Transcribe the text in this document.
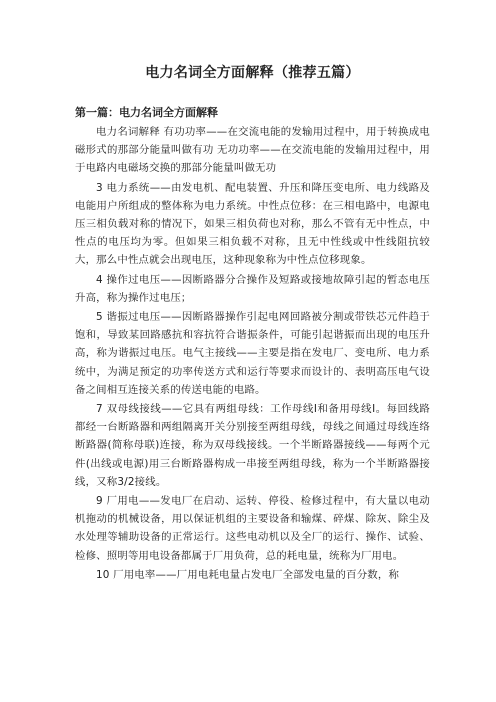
电力名词全方面解释（推荐五篇）
第一篇：电力名词全方面解释
电力名词解释 有功功率——在交流电能的发输用过程中，用于转换成电磁形式的那部分能量叫做有功 无功功率——在交流电能的发输用过程中，用于电路内电磁场交换的那部分能量叫做无功
3 电力系统——由发电机、配电装置、升压和降压变电所、电力线路及电能用户所组成的整体称为电力系统。中性点位移：在三相电路中，电源电压三相负载对称的情况下，如果三相负荷也对称，那么不管有无中性点，中性点的电压均为零。但如果三相负载不对称，且无中性线或中性线阻抗较大，那么中性点就会出现电压，这种现象称为中性点位移现象。
4 操作过电压——因断路器分合操作及短路或接地故障引起的暂态电压升高，称为操作过电压；
5 谐振过电压——因断路器操作引起电网回路被分割或带铁芯元件趋于饱和，导致某回路感抗和容抗符合谐振条件，可能引起谐振而出现的电压升高，称为谐振过电压。电气主接线——主要是指在发电厂、变电所、电力系统中，为满足预定的功率传送方式和运行等要求而设计的、表明高压电气设备之间相互连接关系的传送电能的电路。
7 双母线接线——它具有两组母线：工作母线Ⅰ和备用母线Ⅰ。每回线路都经一台断路器和两组隔离开关分别接至两组母线，母线之间通过母线连络断路器(简称母联)连接，称为双母线接线。一个半断路器接线——每两个元件(出线或电源)用三台断路器构成一串接至两组母线，称为一个半断路器接线，又称3/2接线。
9 厂用电——发电厂在启动、运转、停役、检修过程中，有大量以电动机拖动的机械设备，用以保证机组的主要设备和输煤、碎煤、除灰、除尘及水处理等辅助设备的正常运行。这些电动机以及全厂的运行、操作、试验、检修、照明等用电设备都属于厂用负荷，总的耗电量，统称为厂用电。
10 厂用电率——厂用电耗电量占发电厂全部发电量的百分数，称
